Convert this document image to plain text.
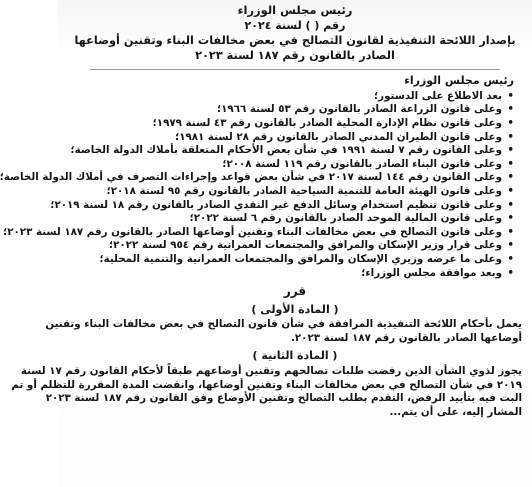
رئيس مجلس الوزراء
رقم ( ) لسنة ٢٠٢٤
بإصدار اللائحة التنفيذية لقانون التصالح في بعض مخالفات البناء وتقنين أوضاعها
الصادر بالقانون رقم ١٨٧ لسنة ٢٠٢٣
رئيس مجلس الوزراء
• بعد الاطلاع على الدستور؛
• وعلى قانون الزراعة الصادر بالقانون رقم ٥٣ لسنة ١٩٦٦؛
• وعلى قانون نظام الإدارة المحلية الصادر بالقانون رقم ٤٣ لسنة ١٩٧٩؛
• وعلى قانون الطيران المدني الصادر بالقانون رقم ٢٨ لسنة ١٩٨١؛
• وعلى القانون رقم ٧ لسنة ١٩٩١ في شأن بعض الأحكام المتعلقة بأملاك الدولة الخاصة؛
• وعلى قانون البناء الصادر بالقانون رقم ١١٩ لسنة ٢٠٠٨؛
• وعلى القانون رقم ١٤٤ لسنة ٢٠١٧ في شأن بعض قواعد وإجراءات التصرف في أملاك الدولة الخاصة؛
• وعلى قانون الهيئة العامة للتنمية السياحية الصادر بالقانون رقم ٩٥ لسنة ٢٠١٨؛
• وعلى قانون تنظيم استخدام وسائل الدفع غير النقدي الصادر بالقانون رقم ١٨ لسنة ٢٠١٩؛
• وعلى قانون المالية الموحد الصادر بالقانون رقم ٦ لسنة ٢٠٢٢؛
• وعلى قانون التصالح في بعض مخالفات البناء وتقنين أوضاعها الصادر بالقانون رقم ١٨٧ لسنة ٢٠٢٣؛
• وعلى قرار وزير الإسكان والمرافق والمجتمعات العمرانية رقم ٩٥٤ لسنة ٢٠٢٢؛
• وعلى ما عرضه وزيري الإسكان والمرافق والمجتمعات العمرانية والتنمية المحلية؛
• وبعد موافقة مجلس الوزراء؛
قرر
( المادة الأولى )

يعمل بأحكام اللائحة التنفيذية المرافقة في شأن قانون التصالح في بعض مخالفات البناء وتقنين
أوضاعها الصادر بالقانون رقم ١٨٧ لسنة ٢٠٢٣.

( المادة الثانية )

يجوز لذوي الشأن الذين رفضت طلبات تصالحهم وتقنين أوضاعهم طبقاً لأحكام القانون رقم ١٧ لسنة
٢٠١٩ في شأن التصالح في بعض مخالفات البناء وتقنين أوضاعها، وانقضت المدة المقررة للتظلم أو تم
البت فيه بتأييد الرفض، التقدم بطلب التصالح وتقنين الأوضاع وفق القانون رقم ١٨٧ لسنة ٢٠٢٣
المشار إليه، على أن يتم...
